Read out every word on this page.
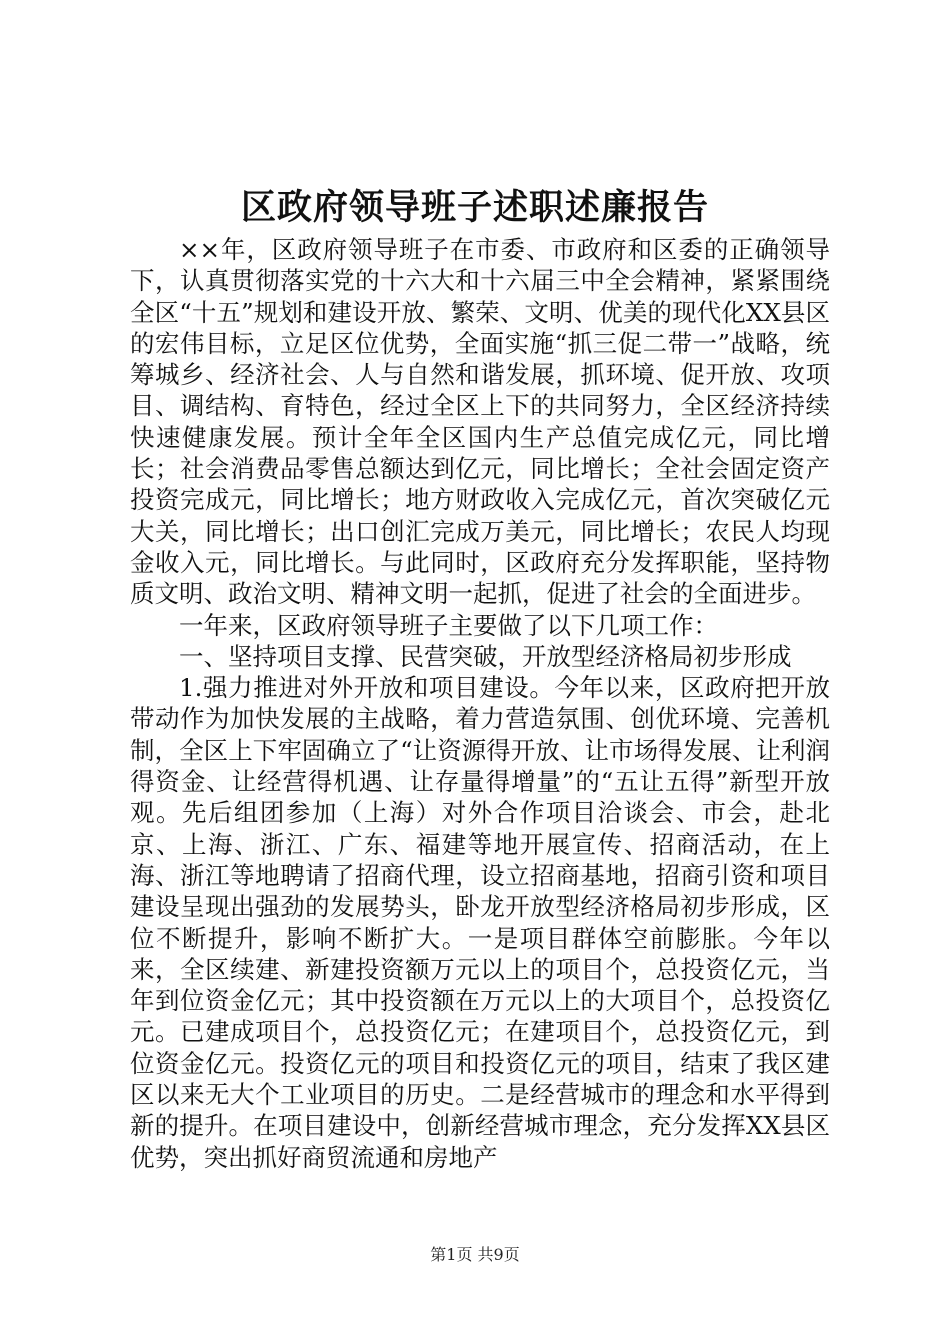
区政府领导班子述职述廉报告

××年，区政府领导班子在市委、市政府和区委的正确领导下，认真贯彻落实党的十六大和十六届三中全会精神，紧紧围绕全区“十五”规划和建设开放、繁荣、文明、优美的现代化XX县区的宏伟目标，立足区位优势，全面实施“抓三促二带一”战略，统筹城乡、经济社会、人与自然和谐发展，抓环境、促开放、攻项目、调结构、育特色，经过全区上下的共同努力，全区经济持续快速健康发展。预计全年全区国内生产总值完成亿元，同比增长；社会消费品零售总额达到亿元，同比增长；全社会固定资产投资完成元，同比增长；地方财政收入完成亿元，首次突破亿元大关，同比增长；出口创汇完成万美元，同比增长；农民人均现金收入元，同比增长。与此同时，区政府充分发挥职能，坚持物质文明、政治文明、精神文明一起抓，促进了社会的全面进步。

一年来，区政府领导班子主要做了以下几项工作：

一、坚持项目支撑、民营突破，开放型经济格局初步形成

1.强力推进对外开放和项目建设。今年以来，区政府把开放带动作为加快发展的主战略，着力营造氛围、创优环境、完善机制，全区上下牢固确立了“让资源得开放、让市场得发展、让利润得资金、让经营得机遇、让存量得增量”的“五让五得”新型开放观。先后组团参加（上海）对外合作项目洽谈会、市会，赴北京、上海、浙江、广东、福建等地开展宣传、招商活动，在上海、浙江等地聘请了招商代理，设立招商基地，招商引资和项目建设呈现出强劲的发展势头，卧龙开放型经济格局初步形成，区位不断提升，影响不断扩大。一是项目群体空前膨胀。今年以来，全区续建、新建投资额万元以上的项目个，总投资亿元，当年到位资金亿元；其中投资额在万元以上的大项目个，总投资亿元。已建成项目个，总投资亿元；在建项目个，总投资亿元，到位资金亿元。投资亿元的项目和投资亿元的项目，结束了我区建区以来无大个工业项目的历史。二是经营城市的理念和水平得到新的提升。在项目建设中，创新经营城市理念，充分发挥XX县区优势，突出抓好商贸流通和房地产

第1页 共9页
